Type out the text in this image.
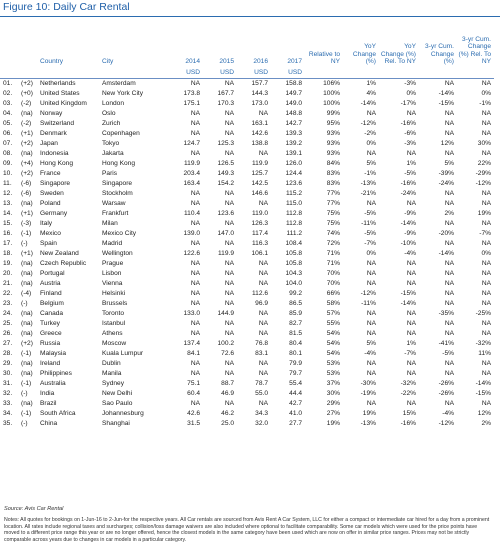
Figure 10: Daily Car Rental
		Country	City	2014	2015	2016	2017	Relative to NY	YoY Change (%)	YoY Change (%) Rel. To NY	3-yr Cum. Change (%)	3-yr Cum. Change (%) Rel. To NY
				USD	USD	USD	USD					
01.	(+2)	Netherlands	Amsterdam	NA	NA	157.7	158.8	106%	1%	-3%	NA	NA
02.	(+0)	United States	New York City	173.8	167.7	144.3	149.7	100%	4%	0%	-14%	0%
03.	(-2)	United Kingdom	London	175.1	170.3	173.0	149.0	100%	-14%	-17%	-15%	-1%
04.	(na)	Norway	Oslo	NA	NA	NA	148.8	99%	NA	NA	NA	NA
05.	(-2)	Switzerland	Zurich	NA	NA	163.1	142.7	95%	-12%	-16%	NA	NA
06.	(+1)	Denmark	Copenhagen	NA	NA	142.6	139.3	93%	-2%	-6%	NA	NA
07.	(+2)	Japan	Tokyo	124.7	125.3	138.8	139.2	93%	0%	-3%	12%	30%
08.	(na)	Indonesia	Jakarta	NA	NA	NA	139.1	93%	NA	NA	NA	NA
09.	(+4)	Hong Kong	Hong Kong	119.9	126.5	119.9	126.0	84%	5%	1%	5%	22%
10.	(+2)	France	Paris	203.4	149.3	125.7	124.4	83%	-1%	-5%	-39%	-29%
11.	(-6)	Singapore	Singapore	163.4	154.2	142.5	123.6	83%	-13%	-16%	-24%	-12%
12.	(-6)	Sweden	Stockholm	NA	NA	146.6	115.2	77%	-21%	-24%	NA	NA
13.	(na)	Poland	Warsaw	NA	NA	NA	115.0	77%	NA	NA	NA	NA
14.	(+1)	Germany	Frankfurt	110.4	123.6	119.0	112.8	75%	-5%	-9%	2%	19%
15.	(-3)	Italy	Milan	NA	NA	126.3	112.8	75%	-11%	-14%	NA	NA
16.	(-1)	Mexico	Mexico City	139.0	147.0	117.4	111.2	74%	-5%	-9%	-20%	-7%
17.	(-)	Spain	Madrid	NA	NA	116.3	108.4	72%	-7%	-10%	NA	NA
18.	(+1)	New Zealand	Wellington	122.6	119.9	106.1	105.8	71%	0%	-4%	-14%	0%
19.	(na)	Czech Republic	Prague	NA	NA	NA	105.8	71%	NA	NA	NA	NA
20.	(na)	Portugal	Lisbon	NA	NA	NA	104.3	70%	NA	NA	NA	NA
21.	(na)	Austria	Vienna	NA	NA	NA	104.0	70%	NA	NA	NA	NA
22.	(-4)	Finland	Helsinki	NA	NA	112.6	99.2	66%	-12%	-15%	NA	NA
23.	(-)	Belgium	Brussels	NA	NA	96.9	86.5	58%	-11%	-14%	NA	NA
24.	(na)	Canada	Toronto	133.0	144.9	NA	85.9	57%	NA	NA	-35%	-25%
25.	(na)	Turkey	Istanbul	NA	NA	NA	82.7	55%	NA	NA	NA	NA
26.	(na)	Greece	Athens	NA	NA	NA	81.5	54%	NA	NA	NA	NA
27.	(+2)	Russia	Moscow	137.4	100.2	76.8	80.4	54%	5%	1%	-41%	-32%
28.	(-1)	Malaysia	Kuala Lumpur	84.1	72.6	83.1	80.1	54%	-4%	-7%	-5%	11%
29.	(na)	Ireland	Dublin	NA	NA	NA	79.9	53%	NA	NA	NA	NA
30.	(na)	Philippines	Manila	NA	NA	NA	79.7	53%	NA	NA	NA	NA
31.	(-1)	Australia	Sydney	75.1	88.7	78.7	55.4	37%	-30%	-32%	-26%	-14%
32.	(-)	India	New Delhi	60.4	46.9	55.0	44.4	30%	-19%	-22%	-26%	-15%
33.	(na)	Brazil	Sao Paulo	NA	NA	NA	42.7	29%	NA	NA	NA	NA
34.	(-1)	South Africa	Johannesburg	42.6	46.2	34.3	41.0	27%	19%	15%	-4%	12%
35.	(-)	China	Shanghai	31.5	25.0	32.0	27.7	19%	-13%	-16%	-12%	2%
Source: Avis Car Rental
Notes: All quotes for bookings on 1-Jun-16 to 2-Jun-for the respective years. All Car rentals are sourced from Avis Rent A Car System, LLC for either a compact or intermediate car hired for a day from a prominent location. All rates include regional taxes and surcharges; collision/loss damage waivers are also included where optional to facilitate comparability. Some car models which were used for the price points have moved to a different price range this year or are no longer offered, hence the closest models in the same category have been used which are now on offer in similar price ranges. Prices may not be strictly comparable across years due to changes in car models in a particular category.
